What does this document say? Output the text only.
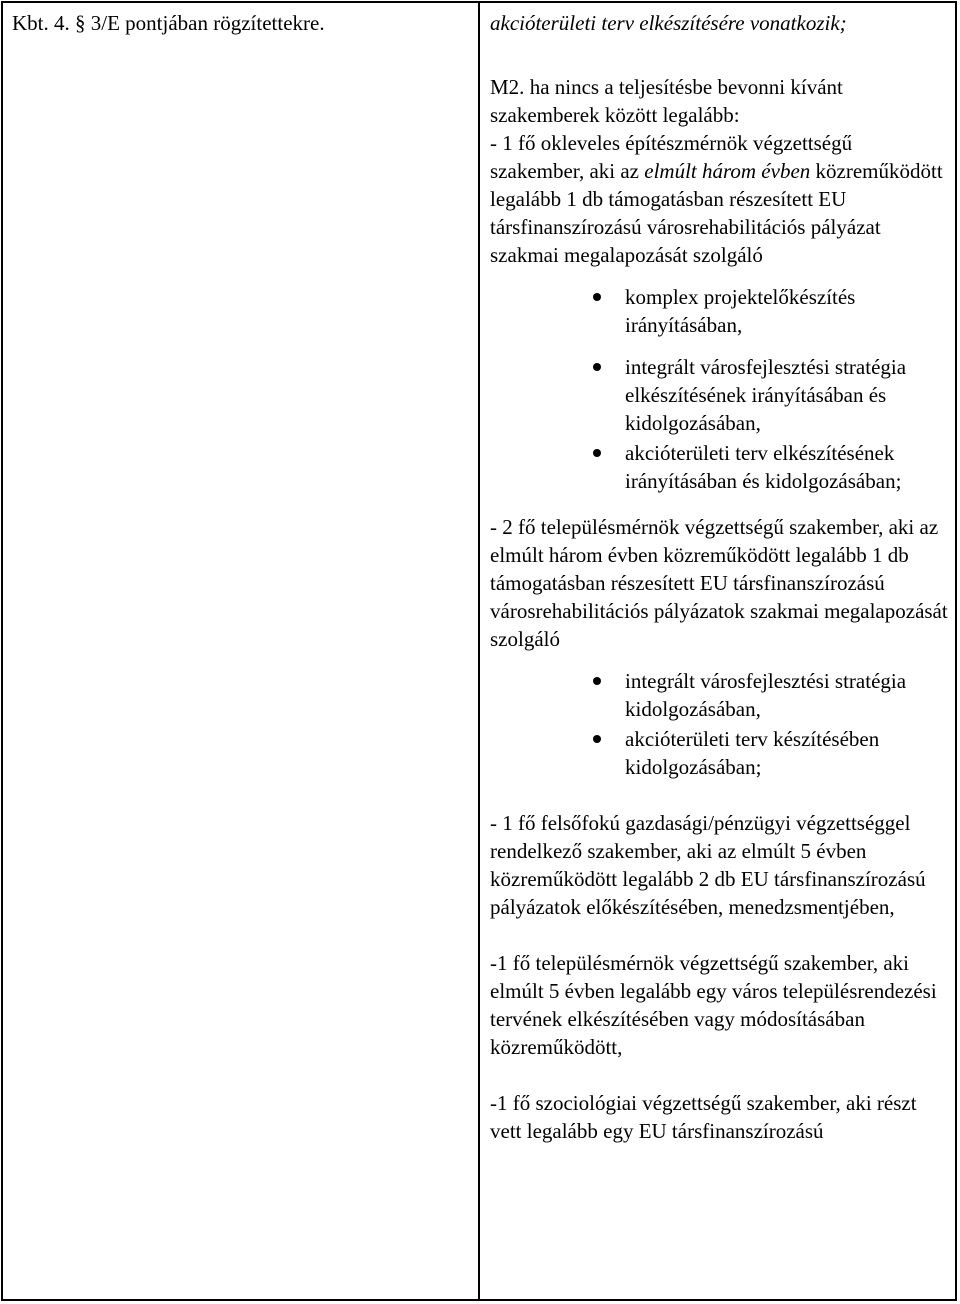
Kbt. 4. § 3/E pontjában rögzítettekre.	akcióterületi terv elkészítésére vonatkozik;

M2. ha nincs a teljesítésbe bevonni kívánt szakemberek között legalább:
- 1 fő okleveles építészmérnök végzettségű szakember, aki az elmúlt három évben közreműködött legalább 1 db támogatásban részesített EU társfinanszírozású városrehabilitációs pályázat szakmai megalapozását szolgáló

komplex projektelőkészítés irányításában,
integrált városfejlesztési stratégia elkészítésének irányításában és kidolgozásában,
akcióterületi terv elkészítésének irányításában és kidolgozásában;

- 2 fő településmérnök végzettségű szakember, aki az elmúlt három évben közreműködött legalább 1 db támogatásban részesített EU társfinanszírozású városrehabilitációs pályázatok szakmai megalapozását szolgáló

integrált városfejlesztési stratégia kidolgozásában,
akcióterületi terv készítésében kidolgozásában;

- 1 fő felsőfokú gazdasági/pénzügyi végzettséggel rendelkező szakember, aki az elmúlt 5 évben közreműködött legalább 2 db EU társfinanszírozású pályázatok előkészítésében, menedzsmentjében,

-1 fő településmérnök végzettségű szakember, aki elmúlt 5 évben legalább egy város településrendezési tervének elkészítésében vagy módosításában közreműködött,

-1 fő szociológiai végzettségű szakember, aki részt vett legalább egy EU társfinanszírozású
